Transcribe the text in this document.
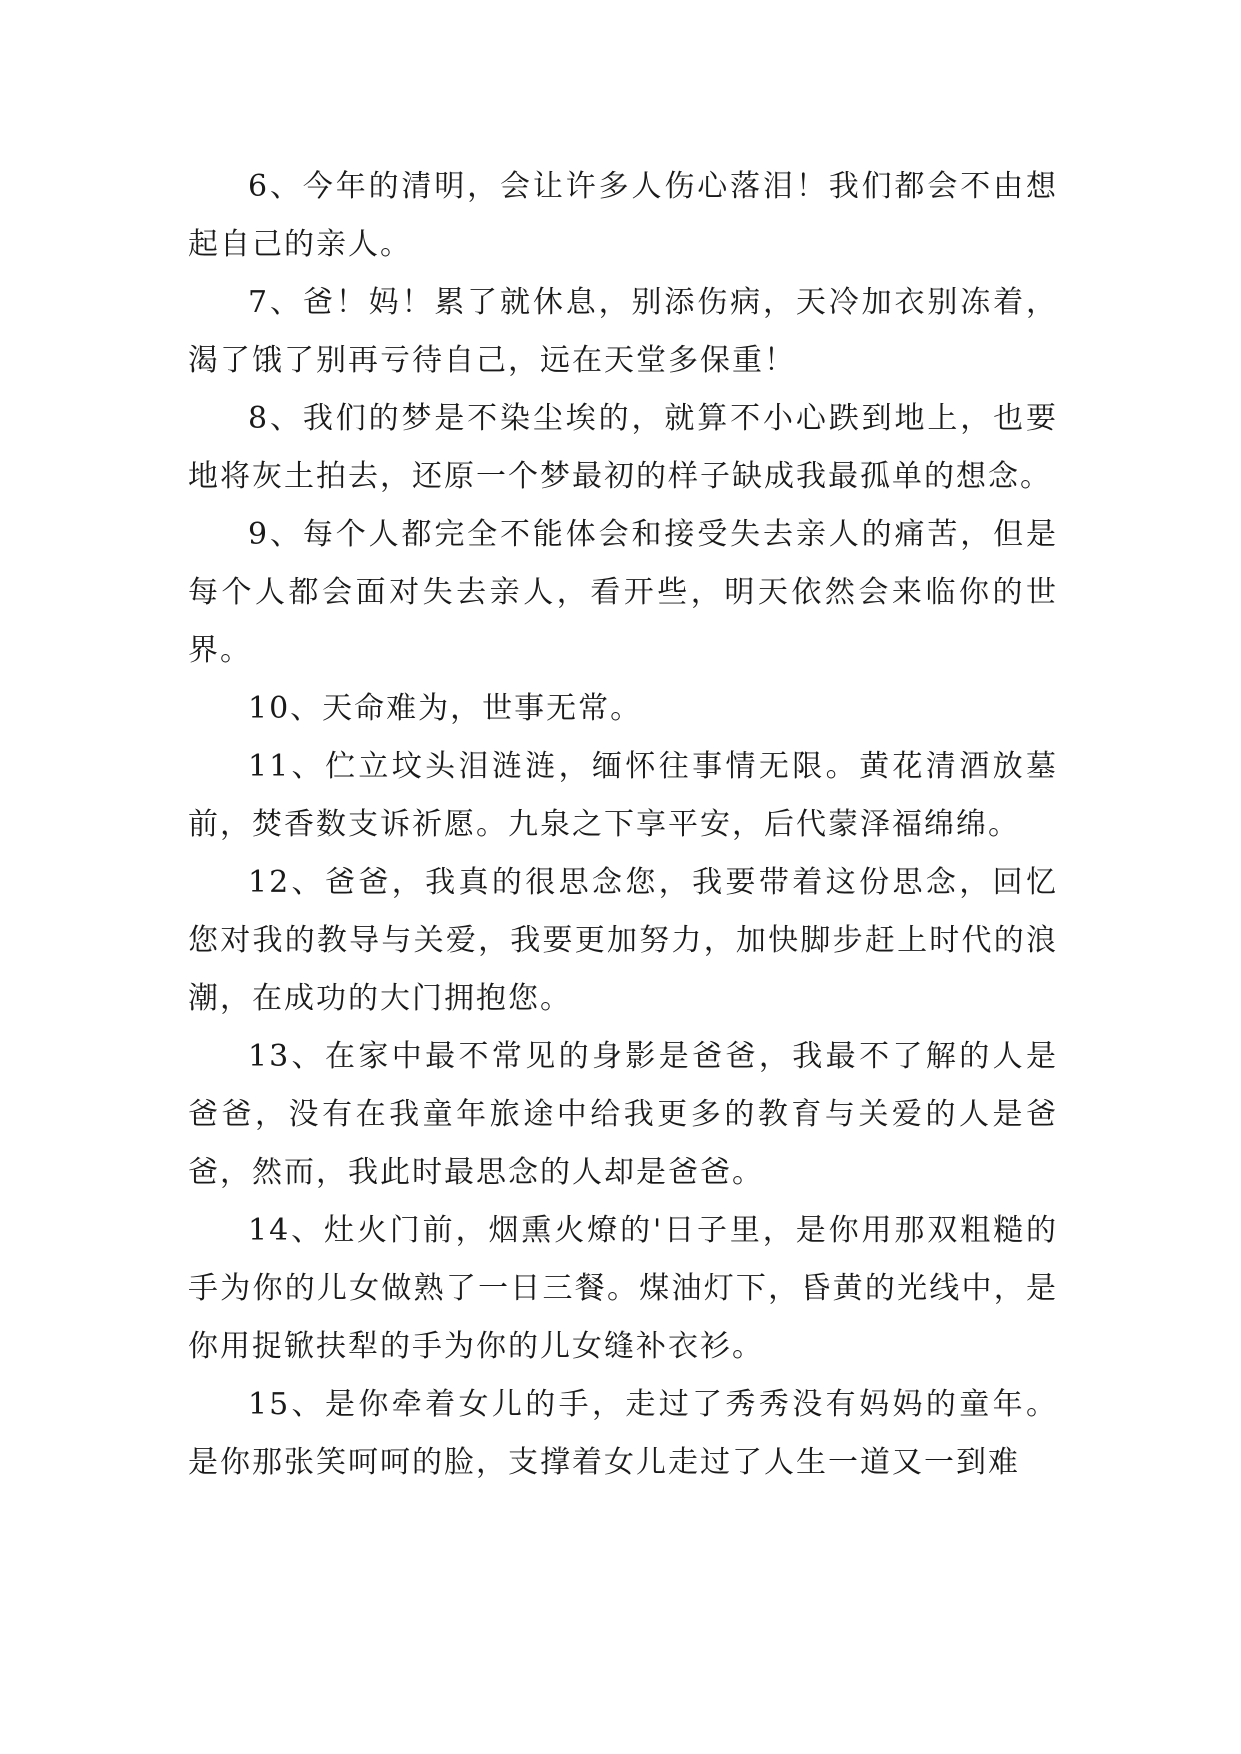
6、今年的清明，会让许多人伤心落泪！我们都会不由想起自己的亲人。

7、爸！妈！累了就休息，别添伤病，天冷加衣别冻着，渴了饿了别再亏待自己，远在天堂多保重！

8、我们的梦是不染尘埃的，就算不小心跌到地上，也要地将灰土拍去，还原一个梦最初的样子缺成我最孤单的想念。

9、每个人都完全不能体会和接受失去亲人的痛苦，但是每个人都会面对失去亲人，看开些，明天依然会来临你的世界。

10、天命难为，世事无常。

11、伫立坟头泪涟涟，缅怀往事情无限。黄花清酒放墓前，焚香数支诉祈愿。九泉之下享平安，后代蒙泽福绵绵。

12、爸爸，我真的很思念您，我要带着这份思念，回忆您对我的教导与关爱，我要更加努力，加快脚步赶上时代的浪潮，在成功的大门拥抱您。

13、在家中最不常见的身影是爸爸，我最不了解的人是爸爸，没有在我童年旅途中给我更多的教育与关爱的人是爸爸，然而，我此时最思念的人却是爸爸。

14、灶火门前，烟熏火燎的'日子里，是你用那双粗糙的手为你的儿女做熟了一日三餐。煤油灯下，昏黄的光线中，是你用捉锨扶犁的手为你的儿女缝补衣衫。

15、是你牵着女儿的手，走过了秀秀没有妈妈的童年。是你那张笑呵呵的脸，支撑着女儿走过了人生一道又一到难
